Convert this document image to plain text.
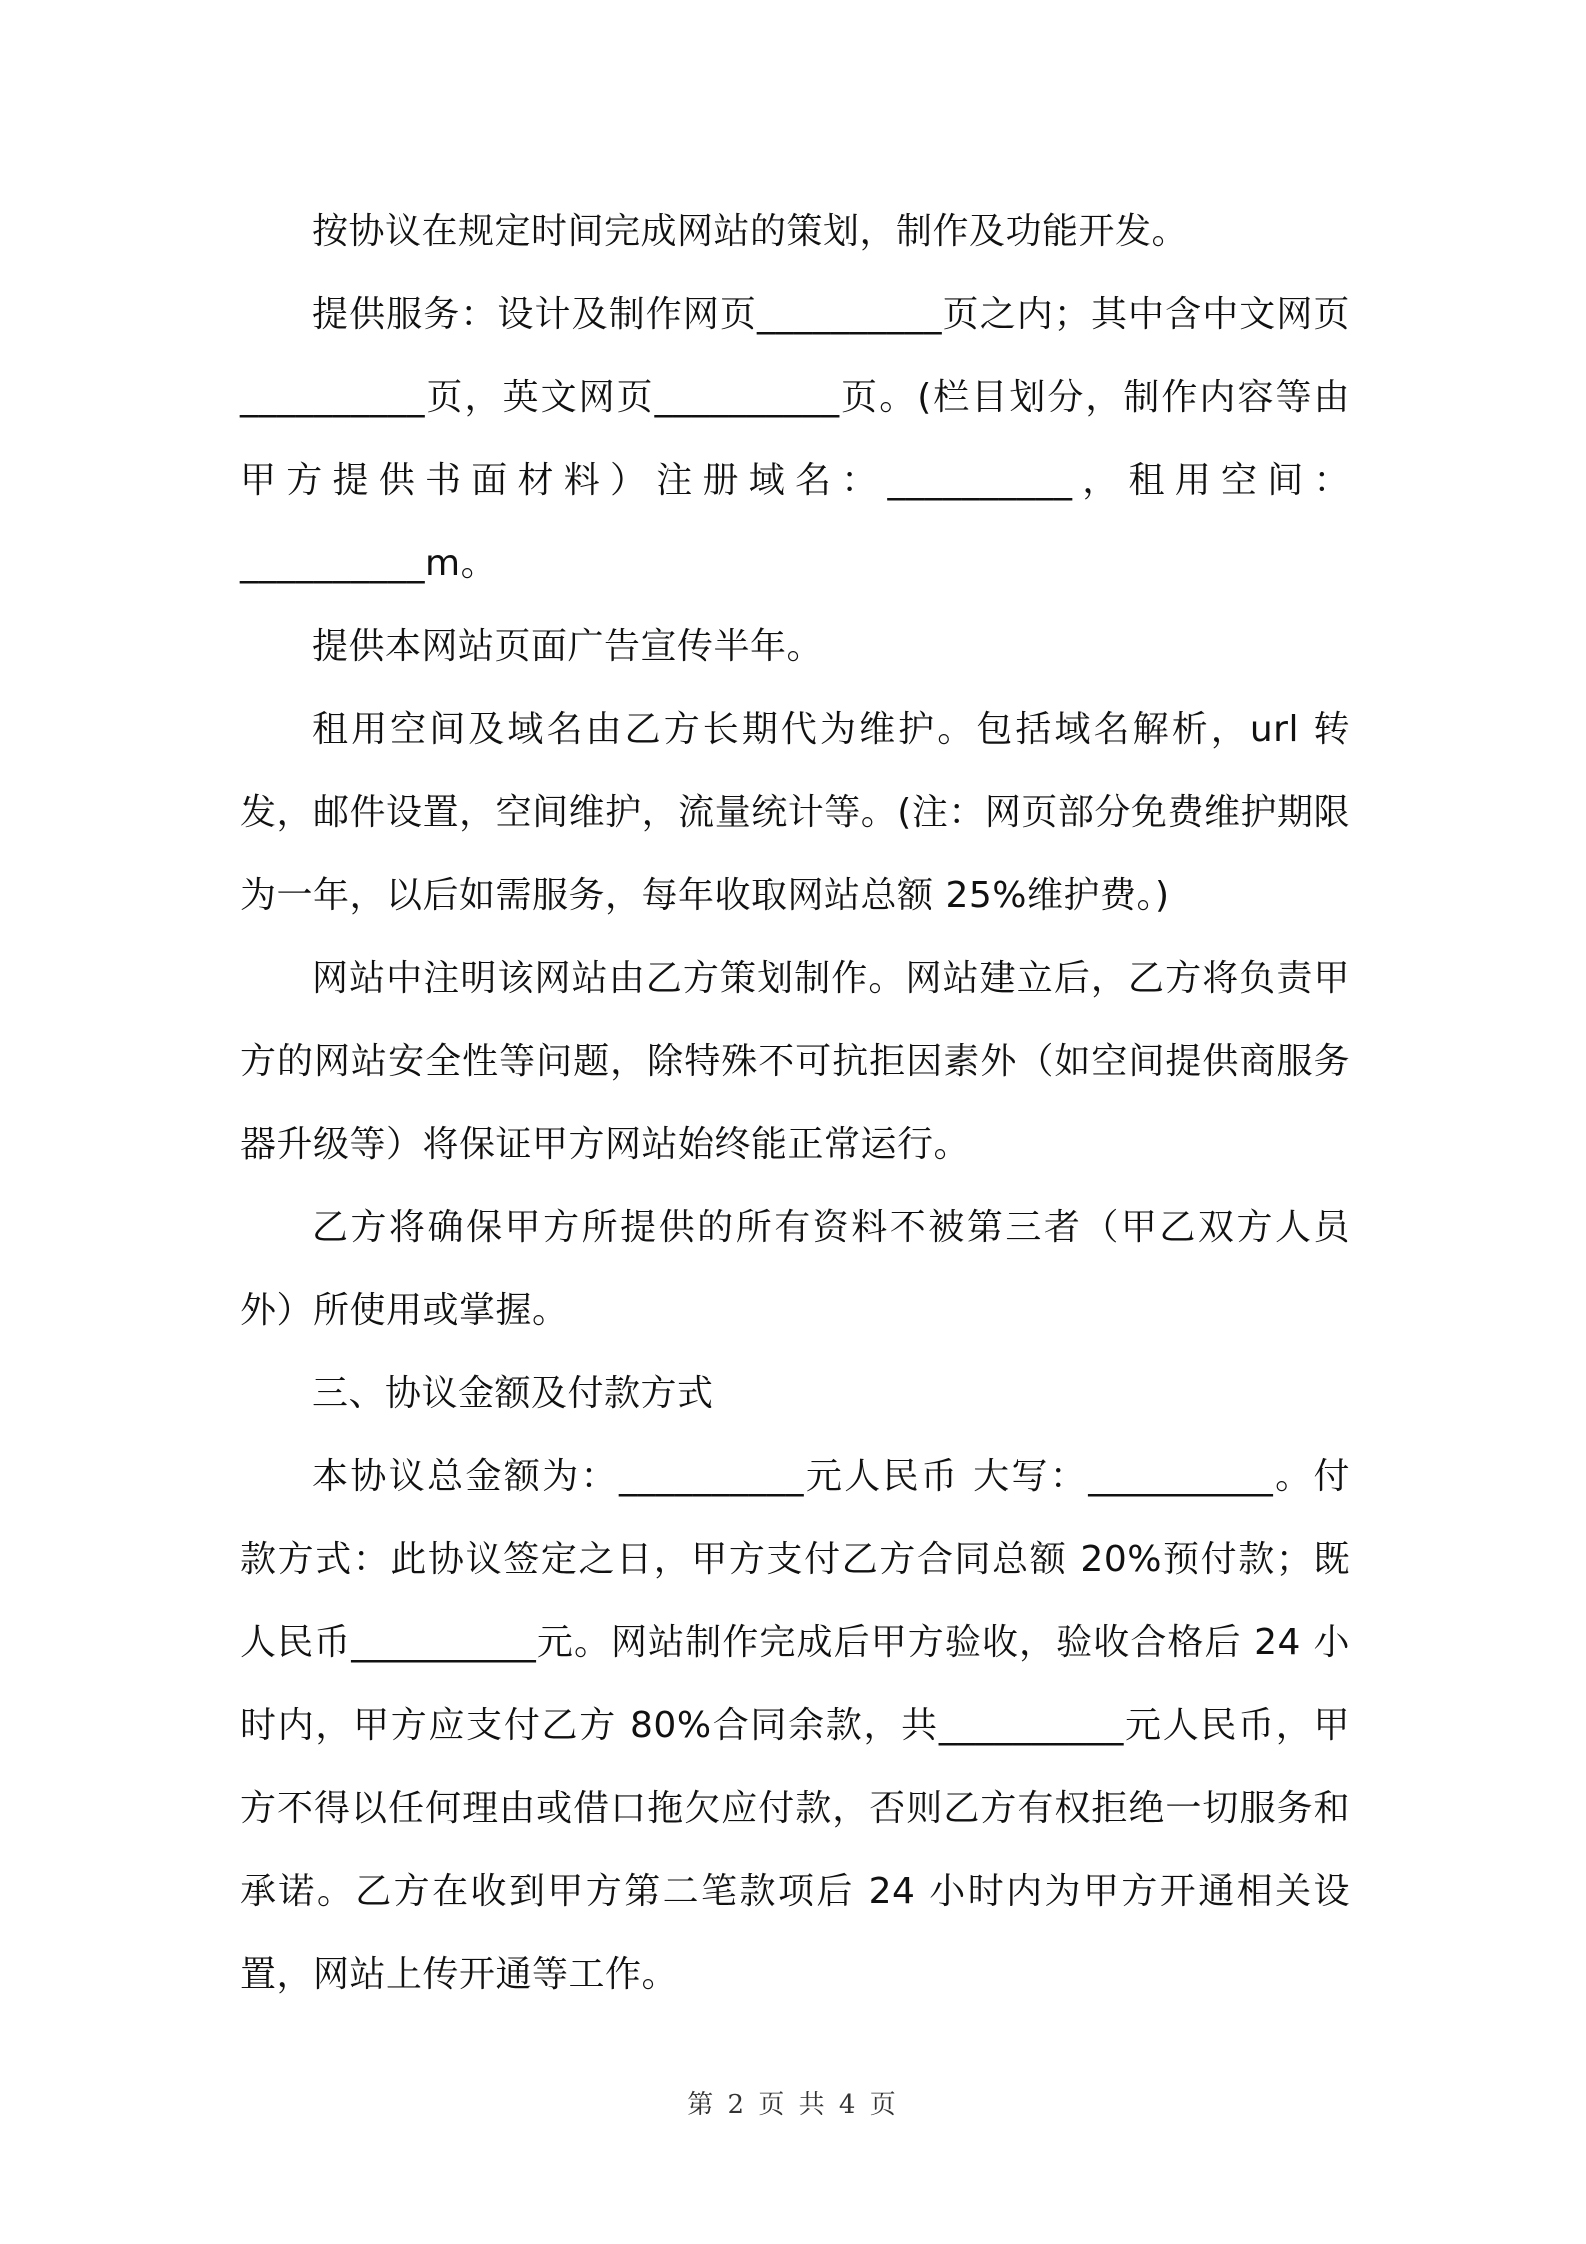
按协议在规定时间完成网站的策划，制作及功能开发。

提供服务：设计及制作网页__________页之内；其中含中文网页__________页，英文网页__________页。(栏目划分，制作内容等由甲方提供书面材料）注册域名：__________，租用空间：__________m。

提供本网站页面广告宣传半年。

租用空间及域名由乙方长期代为维护。包括域名解析，url 转发，邮件设置，空间维护，流量统计等。(注：网页部分免费维护期限为一年，以后如需服务，每年收取网站总额 25%维护费。)

网站中注明该网站由乙方策划制作。网站建立后，乙方将负责甲方的网站安全性等问题，除特殊不可抗拒因素外（如空间提供商服务器升级等）将保证甲方网站始终能正常运行。

乙方将确保甲方所提供的所有资料不被第三者（甲乙双方人员外）所使用或掌握。

三、协议金额及付款方式

本协议总金额为：__________元人民币 大写：__________。付款方式：此协议签定之日，甲方支付乙方合同总额 20%预付款；既人民币__________元。网站制作完成后甲方验收，验收合格后 24 小时内，甲方应支付乙方 80%合同余款，共__________元人民币，甲方不得以任何理由或借口拖欠应付款，否则乙方有权拒绝一切服务和承诺。乙方在收到甲方第二笔款项后 24 小时内为甲方开通相关设置，网站上传开通等工作。

第 2 页 共 4 页
